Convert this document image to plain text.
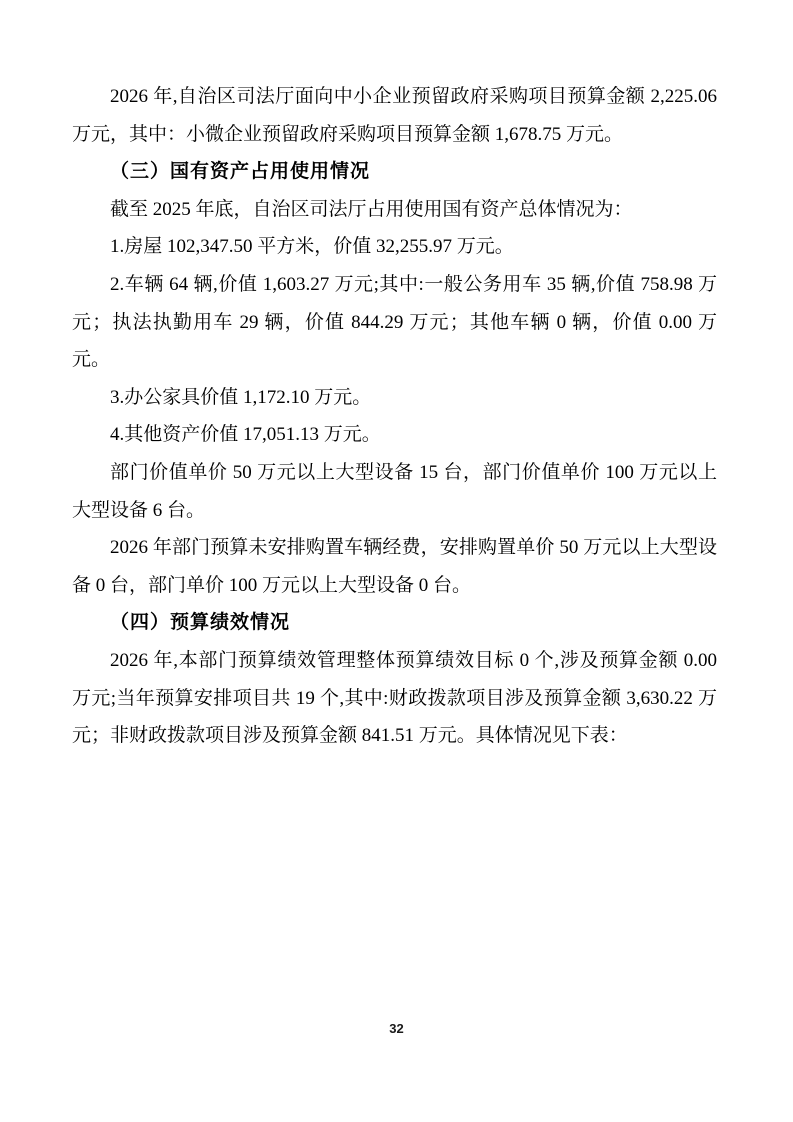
2026 年,自治区司法厅面向中小企业预留政府采购项目预算金额 2,225.06 万元，其中：小微企业预留政府采购项目预算金额 1,678.75 万元。

（三）国有资产占用使用情况

截至 2025 年底，自治区司法厅占用使用国有资产总体情况为：

1.房屋 102,347.50 平方米，价值 32,255.97 万元。

2.车辆 64 辆,价值 1,603.27 万元;其中:一般公务用车 35 辆,价值 758.98 万元；执法执勤用车 29 辆，价值 844.29 万元；其他车辆 0 辆，价值 0.00 万元。

3.办公家具价值 1,172.10 万元。

4.其他资产价值 17,051.13 万元。

部门价值单价 50 万元以上大型设备 15 台，部门价值单价 100 万元以上大型设备 6 台。

2026 年部门预算未安排购置车辆经费，安排购置单价 50 万元以上大型设备 0 台，部门单价 100 万元以上大型设备 0 台。

（四）预算绩效情况

2026 年,本部门预算绩效管理整体预算绩效目标 0 个,涉及预算金额 0.00 万元;当年预算安排项目共 19 个,其中:财政拨款项目涉及预算金额 3,630.22 万元；非财政拨款项目涉及预算金额 841.51 万元。具体情况见下表：

32
